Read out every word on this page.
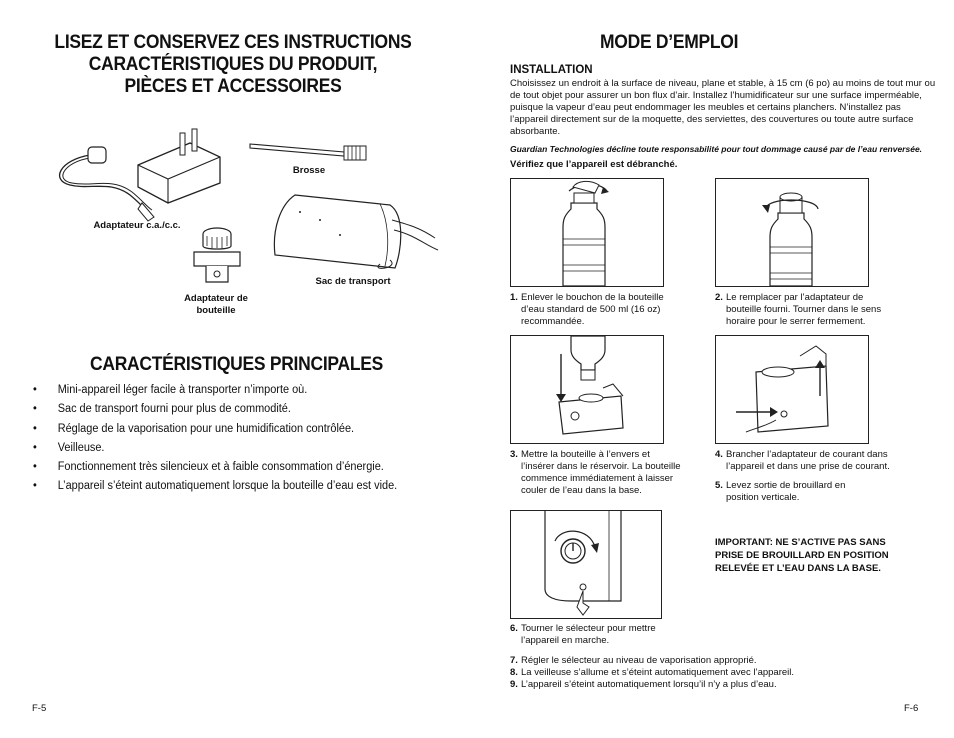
LISEZ ET CONSERVEZ CES INSTRUCTIONS
CARACTÉRISTIQUES DU PRODUIT,
PIÈCES ET ACCESSOIRES
Adaptateur c.a./c.c.
Brosse
Sac de transport
Adaptateur de
bouteille
CARACTÉRISTIQUES PRINCIPALES
• Mini-appareil léger facile à transporter n’importe où.
• Sac de transport fourni pour plus de commodité.
• Réglage de la vaporisation pour une humidification contrôlée.
• Veilleuse.
• Fonctionnement très silencieux et à faible consommation d’énergie.
• L’appareil s’éteint automatiquement lorsque la bouteille d’eau est vide.
F-5
MODE D’EMPLOI
INSTALLATION
Choisissez un endroit à la surface de niveau, plane et stable, à 15 cm (6 po) au moins de tout mur ou
de tout objet pour assurer un bon flux d’air. Installez l’humidificateur sur une surface imperméable,
puisque la vapeur d’eau peut endommager les meubles et certains planchers. N’installez pas
l’appareil directement sur de la moquette, des serviettes, des couvertures ou toute autre surface
absorbante.
Guardian Technologies décline toute responsabilité pour tout dommage causé par de l’eau renversée.
Vérifiez que l’appareil est débranché.
1. Enlever le bouchon de la bouteille
d’eau standard de 500 ml (16 oz)
recommandée.
2. Le remplacer par l’adaptateur de
bouteille fourni. Tourner dans le sens
horaire pour le serrer fermement.
3. Mettre la bouteille à l’envers et
l’insérer dans le réservoir. La bouteille
commence immédiatement à laisser
couler de l’eau dans la base.
4. Brancher l’adaptateur de courant dans
l’appareil et dans une prise de courant.
5. Levez sortie de brouillard en
position verticale.
6. Tourner le sélecteur pour mettre
l’appareil en marche.
IMPORTANT: NE S’ACTIVE PAS SANS
PRISE DE BROUILLARD EN POSITION
RELEVÉE ET L’EAU DANS LA BASE.
7. Régler le sélecteur au niveau de vaporisation approprié.
8. La veilleuse s’allume et s’éteint automatiquement avec l’appareil.
9. L’appareil s’éteint automatiquement lorsqu’il n’y a plus d’eau.
F-6
